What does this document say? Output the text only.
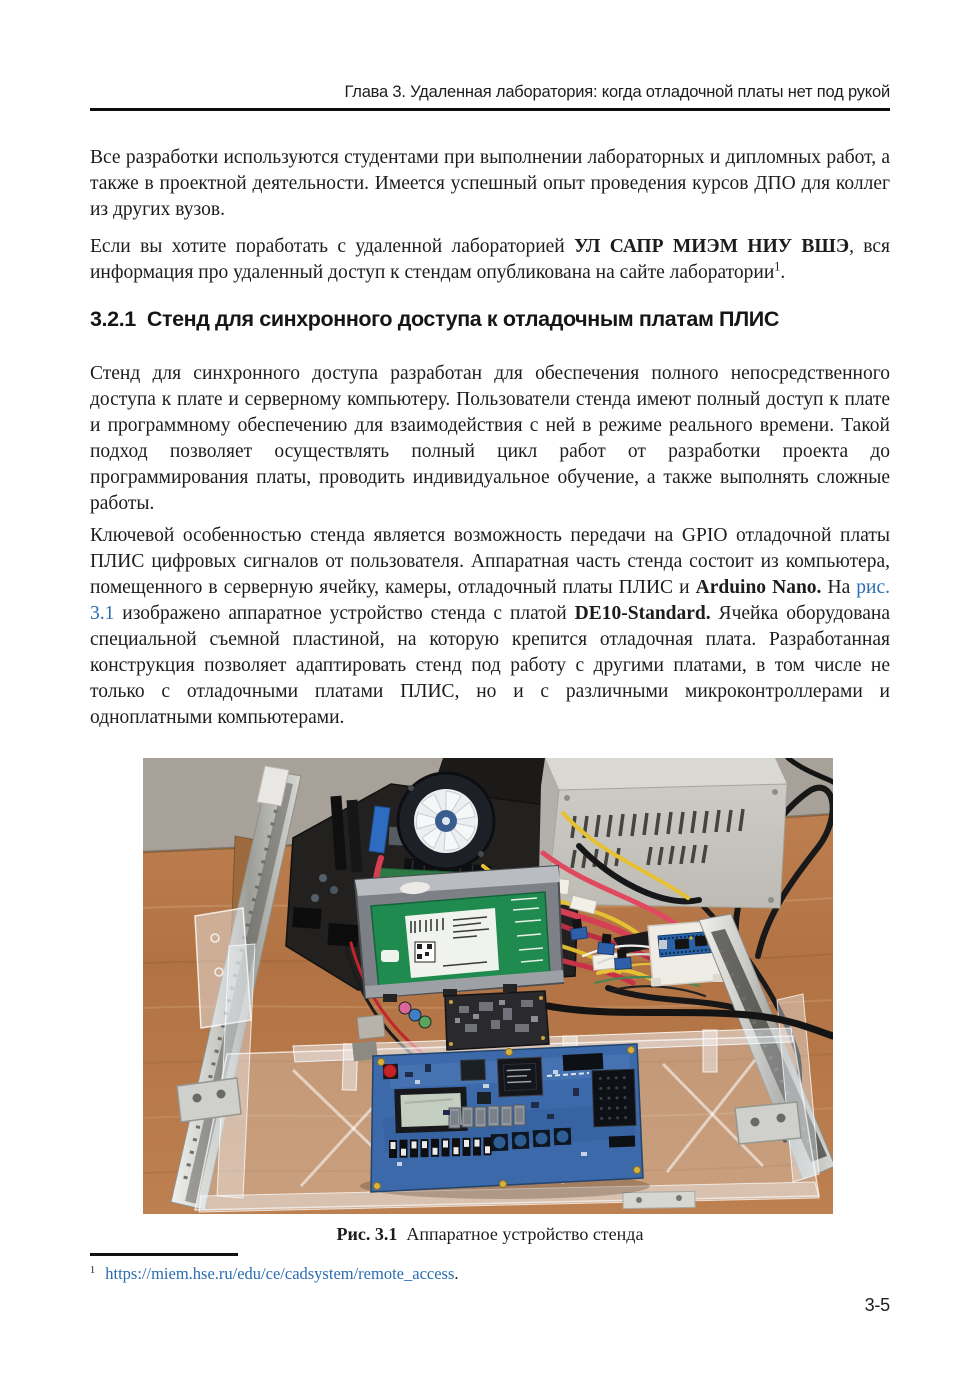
Глава 3. Удаленная лаборатория: когда отладочной платы нет под рукой

Все разработки используются студентами при выполнении лабораторных и дипломных работ, а также в проектной деятельности. Имеется успешный опыт проведения курсов ДПО для коллег из других вузов.

Если вы хотите поработать с удаленной лабораторией УЛ САПР МИЭМ НИУ ВШЭ, вся информация про удаленный доступ к стендам опубликована на сайте лаборатории$^1$.

3.2.1 Стенд для синхронного доступа к отладочным платам ПЛИС

Стенд для синхронного доступа разработан для обеспечения полного непосредственного доступа к плате и серверному компьютеру. Пользователи стенда имеют полный доступ к плате и программному обеспечению для взаимодействия с ней в режиме реального времени. Такой подход позволяет осуществлять полный цикл работ от разработки проекта до программирования платы, проводить индивидуальное обучение, а также выполнять сложные работы.

Ключевой особенностью стенда является возможность передачи на GPIO отладочной платы ПЛИС цифровых сигналов от пользователя. Аппаратная часть стенда состоит из компьютера, помещенного в серверную ячейку, камеры, отладочный платы ПЛИС и Arduino Nano. На рис. 3.1 изображено аппаратное устройство стенда с платой DE10-Standard. Ячейка оборудована специальной съемной пластиной, на которую крепится отладочная плата. Разработанная конструкция позволяет адаптировать стенд под работу с другими платами, в том числе не только с отладочными платами ПЛИС, но и с различными микроконтроллерами и одноплатными компьютерами.

Рис. 3.1 Аппаратное устройство стенда
$^1$ https://miem.hse.ru/edu/ce/cadsystem/remote_access.
3-5
